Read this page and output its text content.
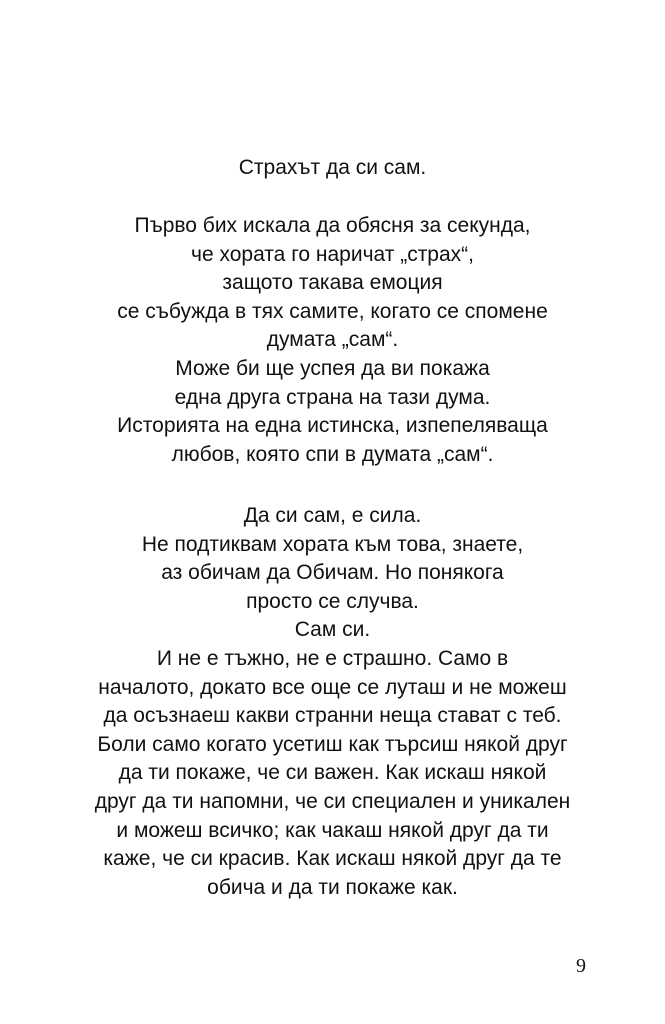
Страхът да си сам.
Първо бих искала да обясня за секунда,
че хората го наричат „страх“,
защото такава емоция
се събужда в тях самите, когато се спомене
думата „сам“.
Може би ще успея да ви покажа
една друга страна на тази дума.
Историята на една истинска, изпепеляваща
любов, която спи в думата „сам“.
Да си сам, е сила.
Не подтиквам хората към това, знаете,
аз обичам да Обичам. Но понякога
просто се случва.
Сам си.
И не е тъжно, не е страшно. Само в
началото, докато все още се луташ и не можеш
да осъзнаеш какви странни неща стават с теб.
Боли само когато усетиш как търсиш някой друг
да ти покаже, че си важен. Как искаш някой
друг да ти напомни, че си специален и уникален
и можеш всичко; как чакаш някой друг да ти
каже, че си красив. Как искаш някой друг да те
обича и да ти покаже как.
9
